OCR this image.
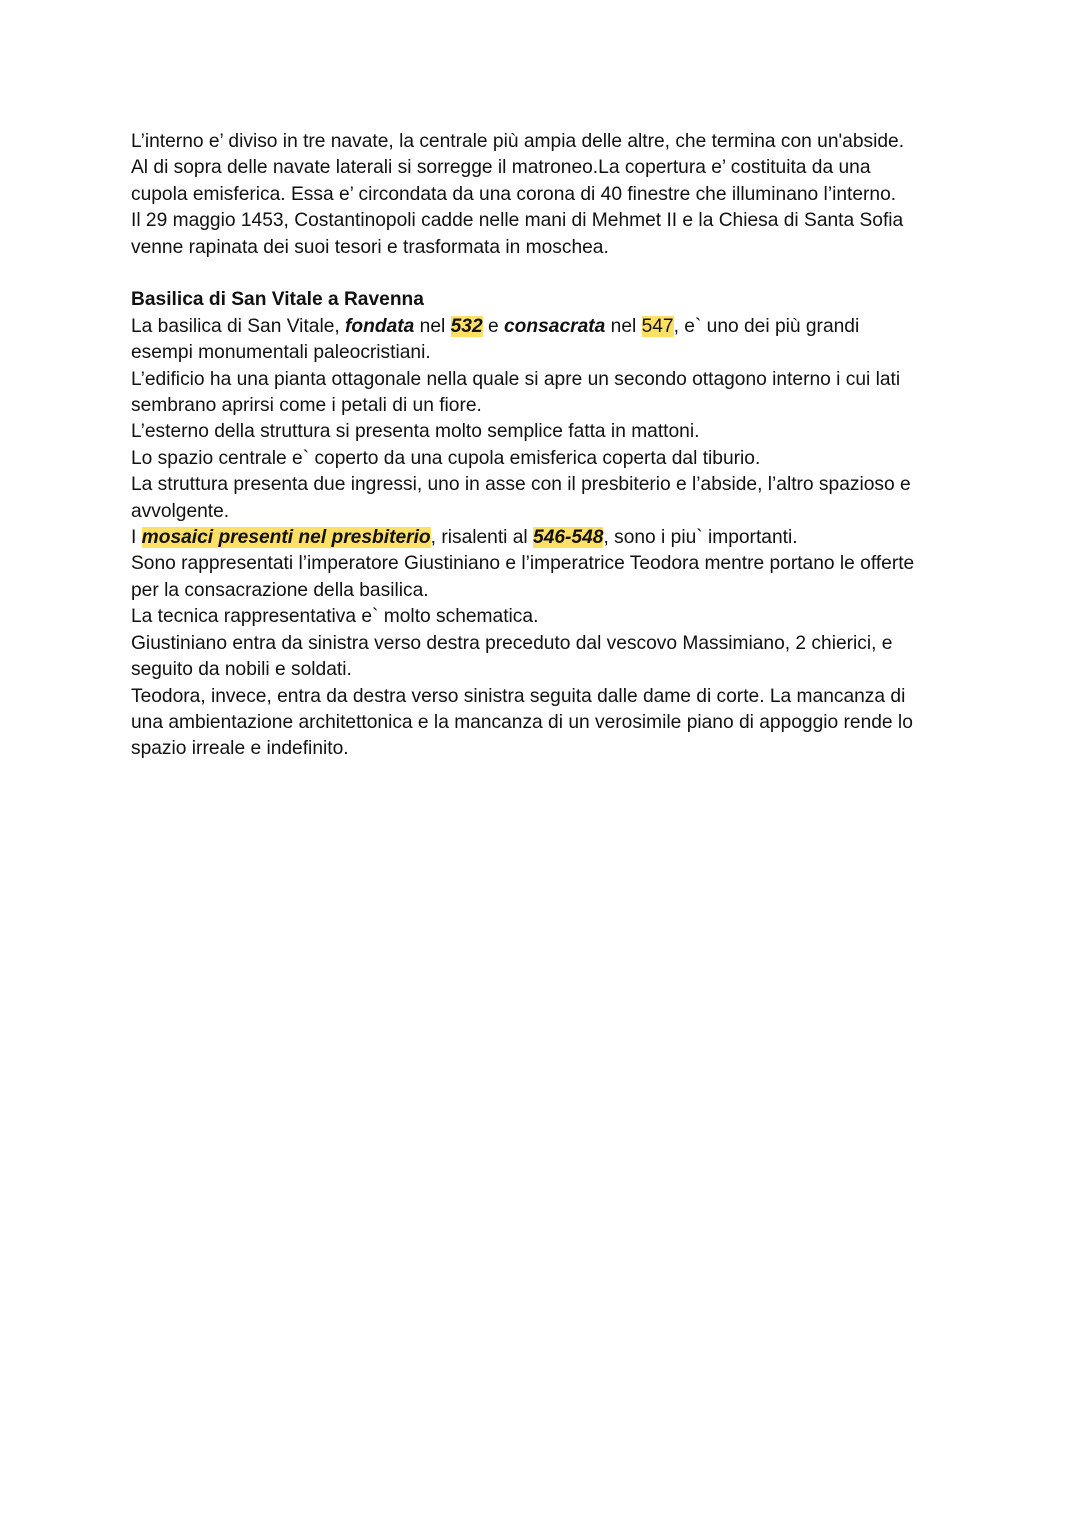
L’interno e’ diviso in tre navate, la centrale più ampia delle altre, che termina con un'abside.
Al di sopra delle navate laterali si sorregge il matroneo.La copertura e’ costituita da una
cupola emisferica. Essa e’ circondata da una corona di 40 finestre che illuminano l’interno.
Il 29 maggio 1453, Costantinopoli cadde nelle mani di Mehmet II e la Chiesa di Santa Sofia
venne rapinata dei suoi tesori e trasformata in moschea.
Basilica di San Vitale a Ravenna
La basilica di San Vitale, fondata nel 532 e consacrata nel 547, e` uno dei più grandi
esempi monumentali paleocristiani.
L’edificio ha una pianta ottagonale nella quale si apre un secondo ottagono interno i cui lati
sembrano aprirsi come i petali di un fiore.
L’esterno della struttura si presenta molto semplice fatta in mattoni.
Lo spazio centrale e` coperto da una cupola emisferica coperta dal tiburio.
La struttura presenta due ingressi, uno in asse con il presbiterio e l’abside, l’altro spazioso e
avvolgente.
I mosaici presenti nel presbiterio, risalenti al 546-548, sono i piu` importanti.
Sono rappresentati l’imperatore Giustiniano e l’imperatrice Teodora mentre portano le offerte
per la consacrazione della basilica.
La tecnica rappresentativa e` molto schematica.
Giustiniano entra da sinistra verso destra preceduto dal vescovo Massimiano, 2 chierici, e
seguito da nobili e soldati.
Teodora, invece, entra da destra verso sinistra seguita dalle dame di corte. La mancanza di
una ambientazione architettonica e la mancanza di un verosimile piano di appoggio rende lo
spazio irreale e indefinito.
